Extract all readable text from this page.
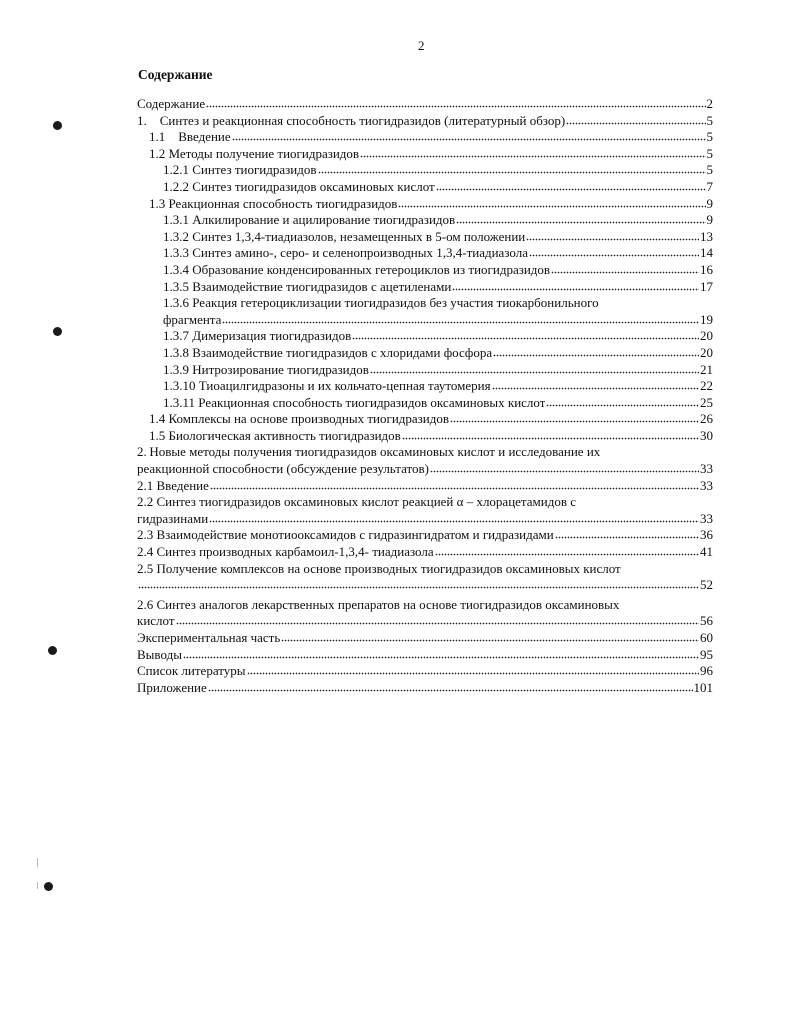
2
Содержание
Содержание	2
1. Синтез и реакционная способность тиогидразидов (литературный обзор)	5
1.1 Введение	5
1.2 Методы получение тиогидразидов	5
1.2.1 Синтез тиогидразидов	5
1.2.2 Синтез тиогидразидов оксаминовых кислот	7
1.3 Реакционная способность тиогидразидов	9
1.3.1 Алкилирование и ацилирование тиогидразидов	9
1.3.2 Синтез 1,3,4-тиадиазолов, незамещенных в 5-ом положении	13
1.3.3 Синтез амино-, серо- и селенопроизводных 1,3,4-тиадиазола	14
1.3.4 Образование конденсированных гетероциклов из тиогидразидов	16
1.3.5 Взаимодействие тиогидразидов с ацетиленами	17
1.3.6 Реакция гетероциклизации тиогидразидов без участия тиокарбонильного
фрагмента	19
1.3.7 Димеризация тиогидразидов	20
1.3.8 Взаимодействие тиогидразидов с хлоридами фосфора	20
1.3.9 Нитрозирование тиогидразидов	21
1.3.10 Тиоацилгидразоны и их кольчато-цепная таутомерия	22
1.3.11 Реакционная способность тиогидразидов оксаминовых кислот	25
1.4 Комплексы на основе производных тиогидразидов	26
1.5 Биологическая активность тиогидразидов	30
2. Новые методы получения тиогидразидов оксаминовых кислот и исследование их
реакционной способности (обсуждение результатов)	33
2.1 Введение	33
2.2 Синтез тиогидразидов оксаминовых кислот реакцией α – хлорацетамидов с
гидразинами	33
2.3 Взаимодействие монотиооксамидов с гидразингидратом и гидразидами	36
2.4 Синтез производных карбамоил-1,3,4- тиадиазола	41
2.5 Получение комплексов на основе производных тиогидразидов оксаминовых кислот
52
2.6 Синтез аналогов лекарственных препаратов на основе тиогидразидов оксаминовых
кислот	56
Экспериментальная часть	60
Выводы	95
Список литературы	96
Приложение	101
